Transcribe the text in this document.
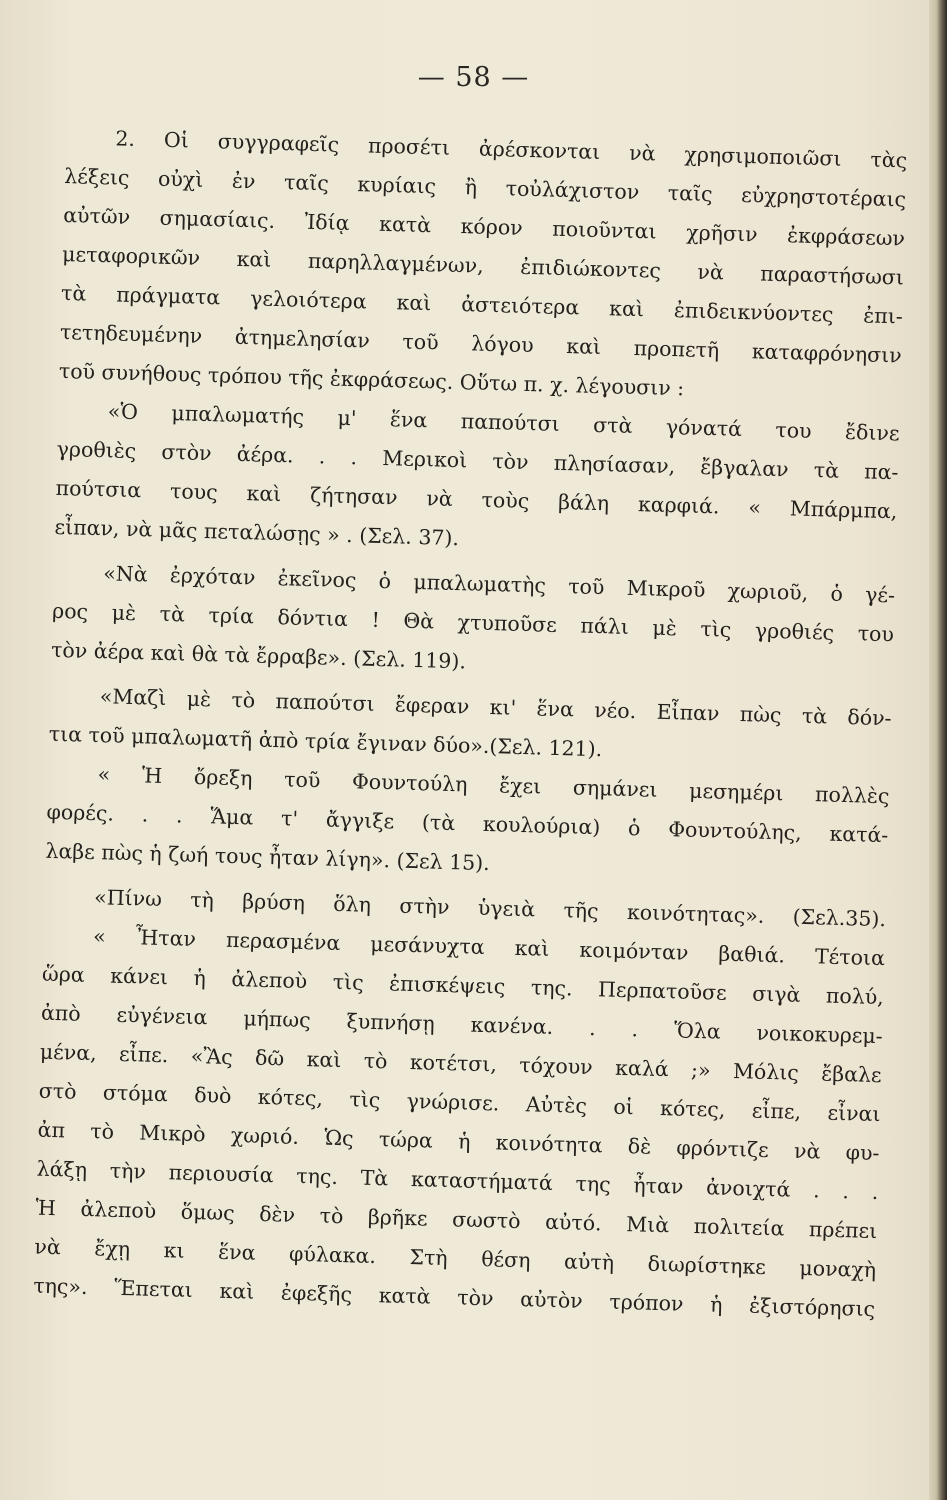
— 58 —
2. Οἱ συγγραφεῖς προσέτι ἀρέσκονται νὰ χρησιμοποιῶσι τὰς
λέξεις οὐχὶ ἐν ταῖς κυρίαις ἢ τοὐλάχιστον ταῖς εὐχρηστοτέραις
αὐτῶν σημασίαις. Ἰδίᾳ κατὰ κόρον ποιοῦνται χρῆσιν ἐκφράσεων
μεταφορικῶν καὶ παρηλλαγμένων, ἐπιδιώκοντες νὰ παραστήσωσι
τὰ πράγματα γελοιότερα καὶ ἀστειότερα καὶ ἐπιδεικνύοντες ἐπι-
τετηδευμένην ἀτημελησίαν τοῦ λόγου καὶ προπετῆ καταφρόνησιν
τοῦ συνήθους τρόπου τῆς ἐκφράσεως. Οὕτω π. χ. λέγουσιν :
«Ὁ μπαλωματής μ' ἕνα παπούτσι στὰ γόνατά του ἔδινε
γροθιὲς στὸν ἀέρα. . . Μερικοὶ τὸν πλησίασαν, ἔβγαλαν τὰ πα-
πούτσια τους καὶ ζήτησαν νὰ τοὺς βάλη καρφιά. « Μπάρμπα,
εἶπαν, νὰ μᾶς πεταλώσῃς » . (Σελ. 37).
«Νὰ ἐρχόταν ἐκεῖνος ὁ μπαλωματὴς τοῦ Μικροῦ χωριοῦ, ὁ γέ-
ρος μὲ τὰ τρία δόντια ! Θὰ χτυποῦσε πάλι μὲ τὶς γροθιές του
τὸν ἀέρα καὶ θὰ τὰ ἔρραβε». (Σελ. 119).
«Μαζὶ μὲ τὸ παπούτσι ἔφεραν κι' ἕνα νέο. Εἶπαν πὼς τὰ δόν-
τια τοῦ μπαλωματῆ ἀπὸ τρία ἔγιναν δύο».(Σελ. 121).
« Ἡ ὄρεξη τοῦ Φουντούλη ἔχει σημάνει μεσημέρι πολλὲς
φορές. . . Ἅμα τ' ἄγγιξε (τὰ κουλούρια) ὁ Φουντούλης, κατά-
λαβε πὼς ἡ ζωή τους ἦταν λίγη». (Σελ 15).
«Πίνω τὴ βρύση ὅλη στὴν ὑγειὰ τῆς κοινότητας». (Σελ.35).
« Ἦταν περασμένα μεσάνυχτα καὶ κοιμόνταν βαθιά. Τέτοια
ὥρα κάνει ἡ ἀλεποὺ τὶς ἐπισκέψεις της. Περπατοῦσε σιγὰ πολύ,
ἀπὸ εὐγένεια μήπως ξυπνήσῃ κανένα. . . Ὅλα νοικοκυρεμ-
μένα, εἶπε. «Ἂς δῶ καὶ τὸ κοτέτσι, τόχουν καλά ;» Μόλις ἔβαλε
στὸ στόμα δυὸ κότες, τὶς γνώρισε. Αὐτὲς οἱ κότες, εἶπε, εἶναι
ἀπ τὸ Μικρὸ χωριό. Ὡς τώρα ἡ κοινότητα δὲ φρόντιζε νὰ φυ-
λάξῃ τὴν περιουσία της. Τὰ καταστήματά της ἦταν ἀνοιχτά . . .
Ἡ ἀλεποὺ ὅμως δὲν τὸ βρῆκε σωστὸ αὐτό. Μιὰ πολιτεία πρέπει
νὰ ἔχῃ κι ἕνα φύλακα. Στὴ θέση αὐτὴ διωρίστηκε μοναχὴ
της». Ἕπεται καὶ ἐφεξῆς κατὰ τὸν αὐτὸν τρόπον ἡ ἐξιστόρησις
